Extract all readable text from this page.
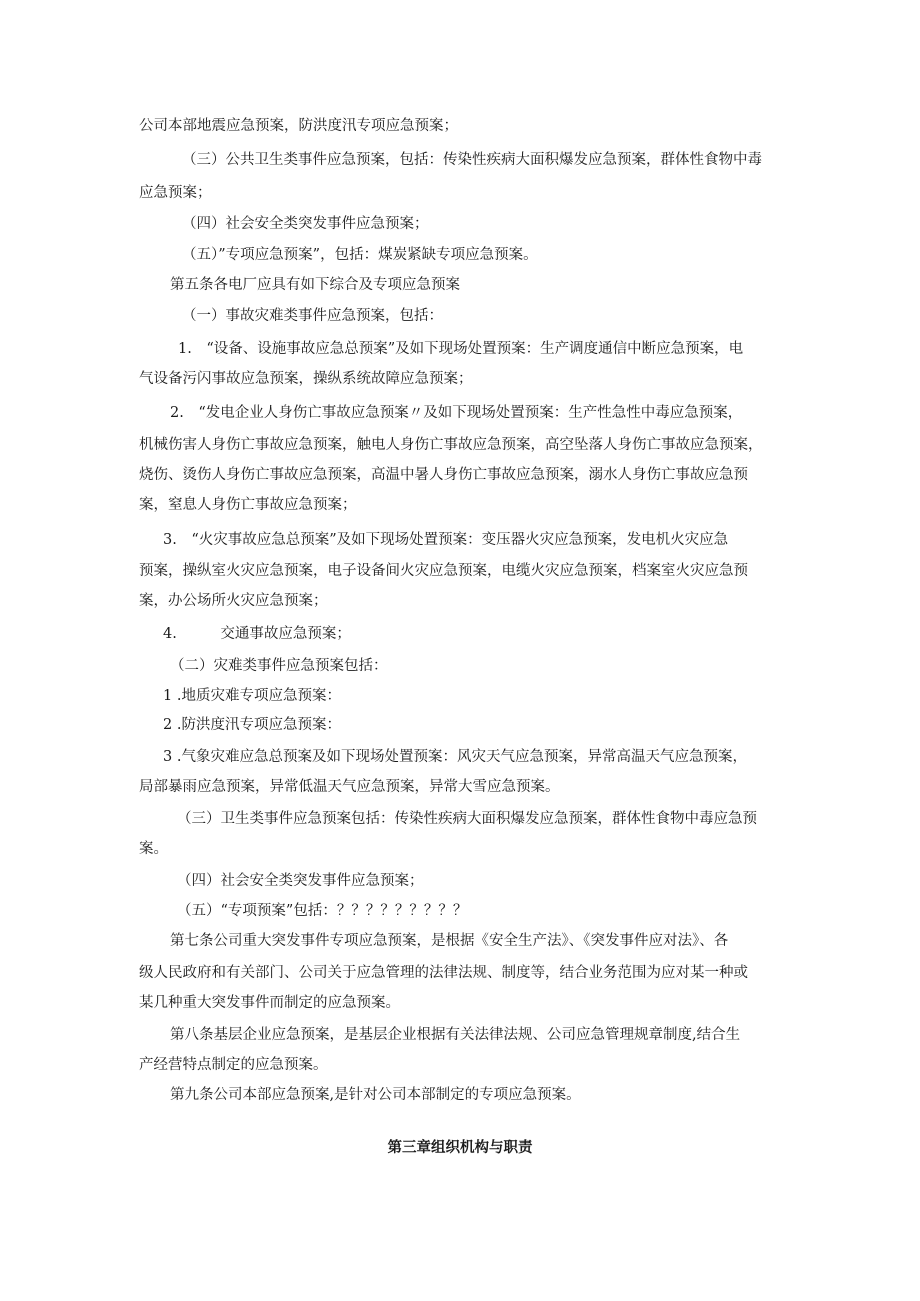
公司本部地震应急预案，防洪度汛专项应急预案；
（三）公共卫生类事件应急预案，包括：传染性疾病大面积爆发应急预案，群体性食物中毒
应急预案；
（四）社会安全类突发事件应急预案；
（五）”专项应急预案”，包括：煤炭紧缺专项应急预案。
第五条各电厂应具有如下综合及专项应急预案
（一）事故灾难类事件应急预案，包括：
1.　“设备、设施事故应急总预案”及如下现场处置预案：生产调度通信中断应急预案，电
气设备污闪事故应急预案，操纵系统故障应急预案；
2.　“发电企业人身伤亡事故应急预案〃及如下现场处置预案：生产性急性中毒应急预案，
机械伤害人身伤亡事故应急预案，触电人身伤亡事故应急预案，高空坠落人身伤亡事故应急预案，
烧伤、烫伤人身伤亡事故应急预案，高温中暑人身伤亡事故应急预案，溺水人身伤亡事故应急预
案，窒息人身伤亡事故应急预案；
3.　“火灾事故应急总预案”及如下现场处置预案：变压器火灾应急预案，发电机火灾应急
预案，操纵室火灾应急预案，电子设备间火灾应急预案，电缆火灾应急预案，档案室火灾应急预
案，办公场所火灾应急预案；
4.　　　交通事故应急预案；
（二）灾难类事件应急预案包括：
1 .地质灾难专项应急预案：
2 .防洪度汛专项应急预案：
3 .气象灾难应急总预案及如下现场处置预案：风灾天气应急预案，异常高温天气应急预案，
局部暴雨应急预案，异常低温天气应急预案，异常大雪应急预案。
（三）卫生类事件应急预案包括：传染性疾病大面积爆发应急预案，群体性食物中毒应急预
案。
（四）社会安全类突发事件应急预案；
（五）“专项预案”包括：？？？？？？？？？
第七条公司重大突发事件专项应急预案，是根据《安全生产法》、《突发事件应对法》、各
级人民政府和有关部门、公司关于应急管理的法律法规、制度等，结合业务范围为应对某一种或
某几种重大突发事件而制定的应急预案。
第八条基层企业应急预案，是基层企业根据有关法律法规、公司应急管理规章制度,结合生
产经营特点制定的应急预案。
第九条公司本部应急预案,是针对公司本部制定的专项应急预案。
第三章组织机构与职责
